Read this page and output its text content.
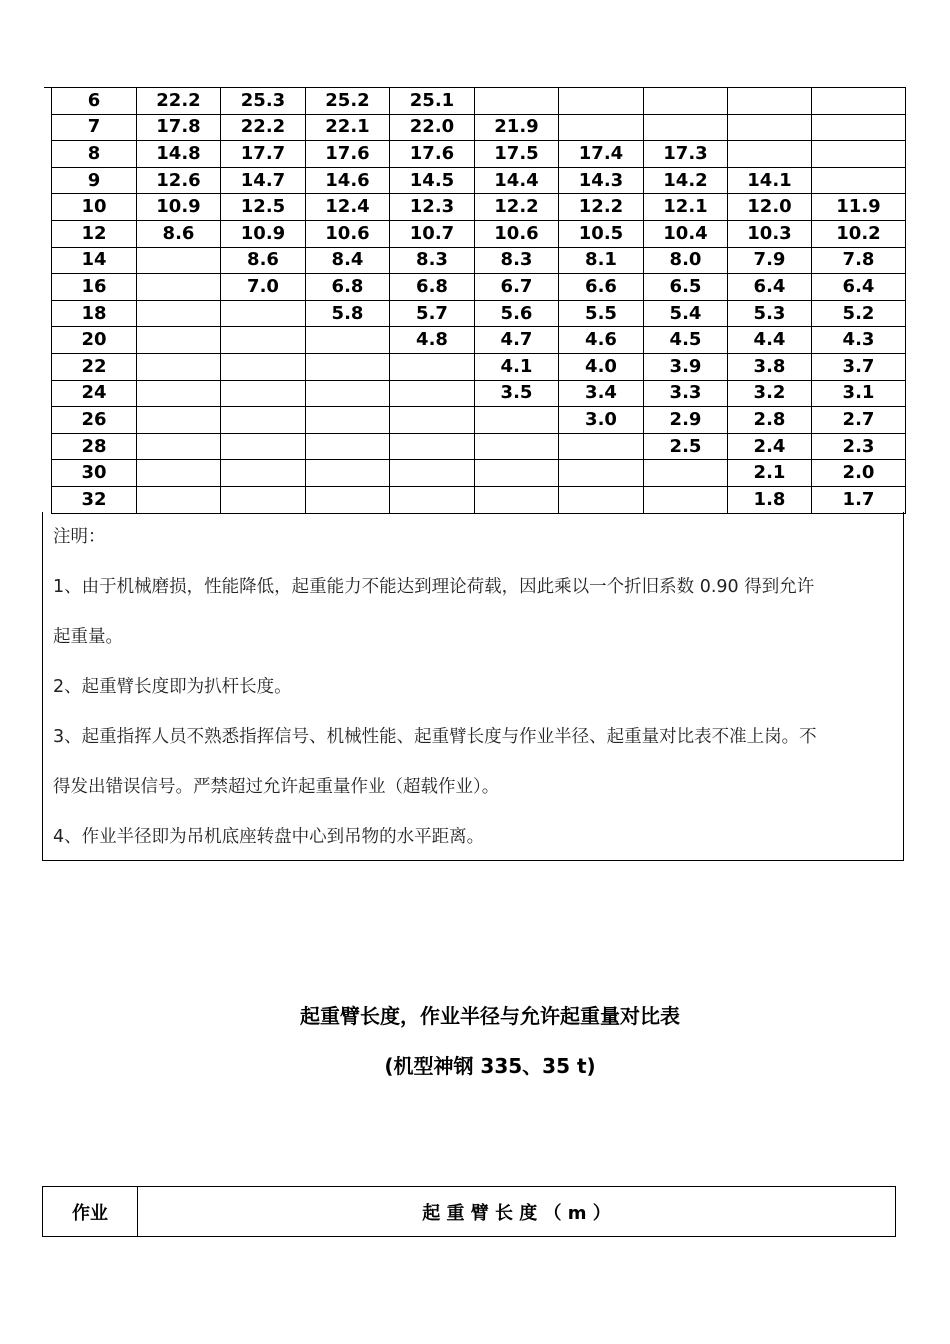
6	22.2	25.3	25.2	25.1					
7	17.8	22.2	22.1	22.0	21.9				
8	14.8	17.7	17.6	17.6	17.5	17.4	17.3		
9	12.6	14.7	14.6	14.5	14.4	14.3	14.2	14.1	
10	10.9	12.5	12.4	12.3	12.2	12.2	12.1	12.0	11.9
12	8.6	10.9	10.6	10.7	10.6	10.5	10.4	10.3	10.2
14		8.6	8.4	8.3	8.3	8.1	8.0	7.9	7.8
16		7.0	6.8	6.8	6.7	6.6	6.5	6.4	6.4
18			5.8	5.7	5.6	5.5	5.4	5.3	5.2
20				4.8	4.7	4.6	4.5	4.4	4.3
22					4.1	4.0	3.9	3.8	3.7
24					3.5	3.4	3.3	3.2	3.1
26						3.0	2.9	2.8	2.7
28							2.5	2.4	2.3
30								2.1	2.0
32								1.8	1.7

注明：

1、由于机械磨损，性能降低，起重能力不能达到理论荷载，因此乘以一个折旧系数 0.90 得到允许

起重量。

2、起重臂长度即为扒杆长度。

3、起重指挥人员不熟悉指挥信号、机械性能、起重臂长度与作业半径、起重量对比表不准上岗。不

得发出错误信号。严禁超过允许起重量作业（超载作业）。

4、作业半径即为吊机底座转盘中心到吊物的水平距离。

起重臂长度，作业半径与允许起重量对比表
(机型神钢 335、35 t)
作业	起 重 臂 长 度 （ m ）
